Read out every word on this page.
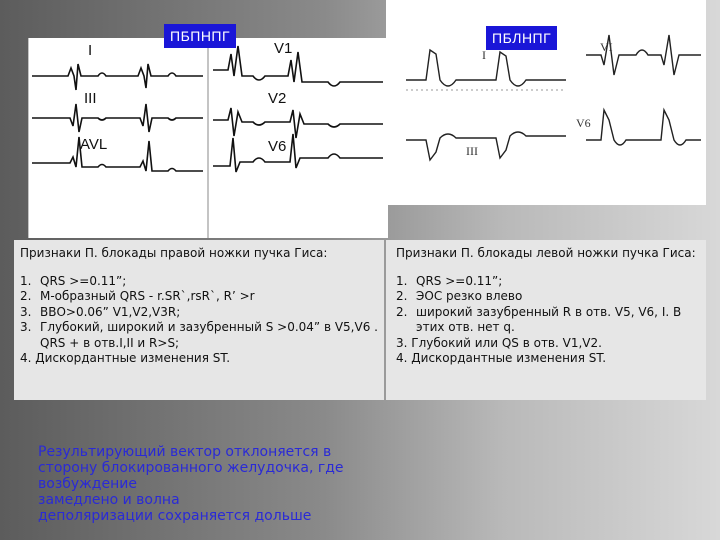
I
III
AVL
V1
V2
V6
ПБПНПГ
I
VI
V6
III
ПБЛНПГ
Признаки П. блокады правой ножки пучка Гиса:
1. QRS >=0.11”;
2. М-образный QRS - r.SR`,rsR`, R’ >r
3. ВВО>0.06” V1,V2,V3R;
3. Глубокий, широкий и зазубренный S >0.04” в V5,V6 . QRS + в отв.I,II и R>S;
4. Дискордантные изменения ST.
Признаки П. блокады левой ножки пучка Гиса:
1. QRS >=0.11”;
2. ЭОС резко влево
2. широкий зазубренный R в отв. V5, V6, I. В этих отв. нет q.
3. Глубокий или QS в отв. V1,V2.
4. Дискордантные изменения ST.
Результирующий вектор отклоняется в
сторону блокированного желудочка, где
возбуждение
замедлено и волна
деполяризации сохраняется дольше
